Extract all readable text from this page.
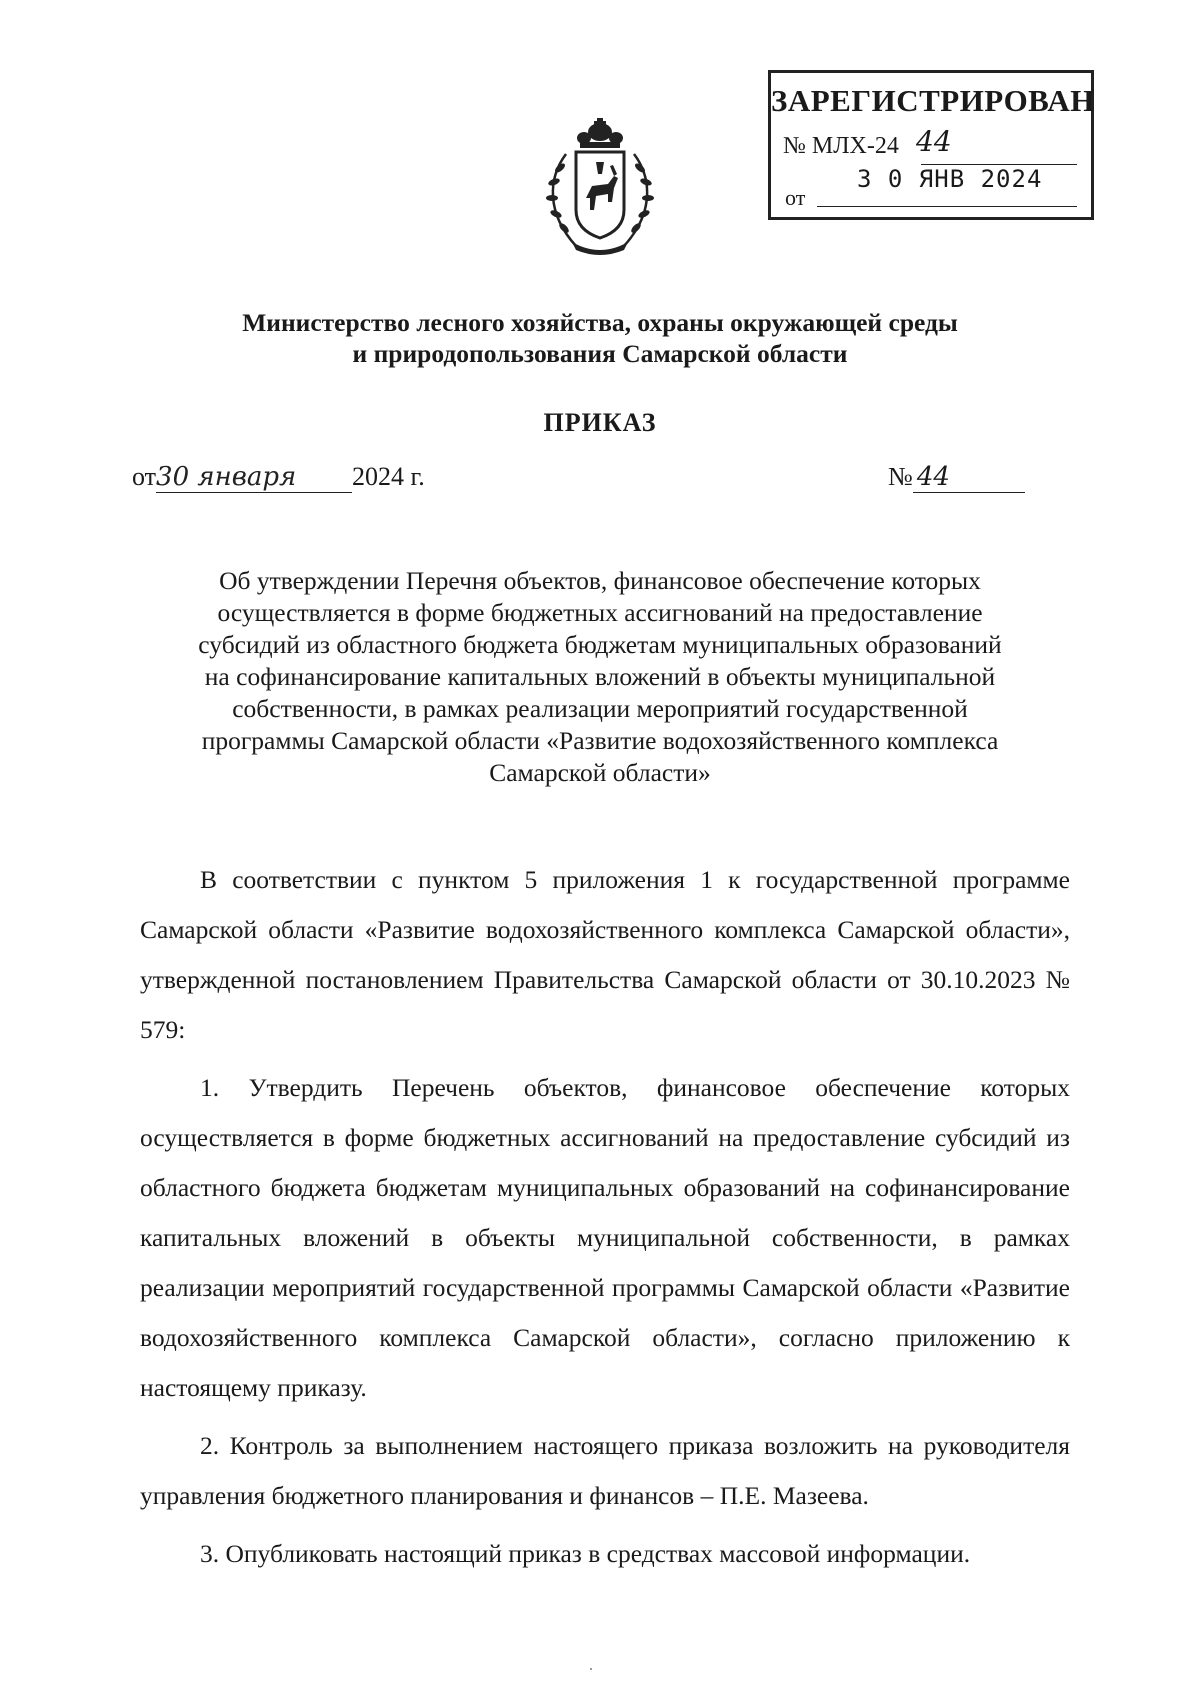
ЗАРЕГИСТРИРОВАН
№ МЛХ-24 44
от
3 0 ЯНВ 2024
Министерство лесного хозяйства, охраны окружающей среды
и природопользования Самарской области
ПРИКАЗ
от30 января 2024 г.	№ 44
Об утверждении Перечня объектов, финансовое обеспечение которых
осуществляется в форме бюджетных ассигнований на предоставление
субсидий из областного бюджета бюджетам муниципальных образований
на софинансирование капитальных вложений в объекты муниципальной
собственности, в рамках реализации мероприятий государственной
программы Самарской области «Развитие водохозяйственного комплекса
Самарской области»

В соответствии с пунктом 5 приложения 1 к государственной программе Самарской области «Развитие водохозяйственного комплекса Самарской области», утвержденной постановлением Правительства Самарской области от 30.10.2023 № 579:

1. Утвердить Перечень объектов, финансовое обеспечение которых осуществляется в форме бюджетных ассигнований на предоставление субсидий из областного бюджета бюджетам муниципальных образований на софинансирование капитальных вложений в объекты муниципальной собственности, в рамках реализации мероприятий государственной программы Самарской области «Развитие водохозяйственного комплекса Самарской области», согласно приложению к настоящему приказу.

2. Контроль за выполнением настоящего приказа возложить на руководителя управления бюджетного планирования и финансов – П.Е. Мазеева.

3. Опубликовать настоящий приказ в средствах массовой информации.
